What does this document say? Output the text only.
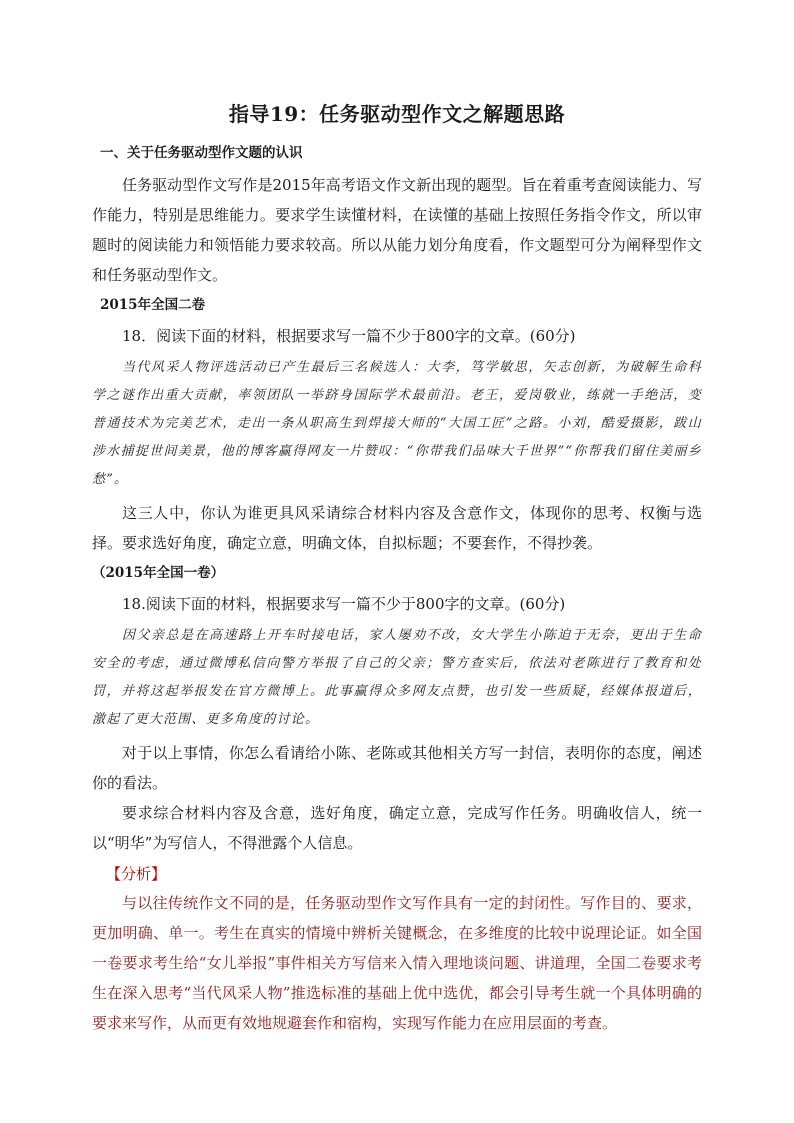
指导19：任务驱动型作文之解题思路
一、关于任务驱动型作文题的认识

任务驱动型作文写作是2015年高考语文作文新出现的题型。旨在着重考查阅读能力、写作能力，特别是思维能力。要求学生读懂材料，在读懂的基础上按照任务指令作文，所以审题时的阅读能力和领悟能力要求较高。所以从能力划分角度看，作文题型可分为阐释型作文和任务驱动型作文。

2015年全国二卷

18．阅读下面的材料，根据要求写一篇不少于800字的文章。(60分)

当代风采人物评选活动已产生最后三名候选人：大李，笃学敏思，矢志创新，为破解生命科学之谜作出重大贡献，率领团队一举跻身国际学术最前沿。老王，爱岗敬业，练就一手绝活，变普通技术为完美艺术，走出一条从职高生到焊接大师的“大国工匠”之路。小刘，酷爱摄影，跋山涉水捕捉世间美景，他的博客赢得网友一片赞叹：“你带我们品味大千世界”“你帮我们留住美丽乡愁”。

这三人中，你认为谁更具风采请综合材料内容及含意作文，体现你的思考、权衡与选择。要求选好角度，确定立意，明确文体，自拟标题；不要套作，不得抄袭。

（2015年全国一卷）

18.阅读下面的材料，根据要求写一篇不少于800字的文章。(60分)

因父亲总是在高速路上开车时接电话，家人屡劝不改，女大学生小陈迫于无奈，更出于生命安全的考虑，通过微博私信向警方举报了自己的父亲；警方查实后，依法对老陈进行了教育和处罚，并将这起举报发在官方微博上。此事赢得众多网友点赞，也引发一些质疑，经媒体报道后，激起了更大范围、更多角度的讨论。

对于以上事情，你怎么看请给小陈、老陈或其他相关方写一封信，表明你的态度，阐述你的看法。

要求综合材料内容及含意，选好角度，确定立意，完成写作任务。明确收信人，统一以“明华”为写信人，不得泄露个人信息。

【分析】

与以往传统作文不同的是，任务驱动型作文写作具有一定的封闭性。写作目的、要求，更加明确、单一。考生在真实的情境中辨析关键概念，在多维度的比较中说理论证。如全国一卷要求考生给“女儿举报”事件相关方写信来入情入理地谈问题、讲道理，全国二卷要求考生在深入思考“当代风采人物”推选标准的基础上优中选优，都会引导考生就一个具体明确的要求来写作，从而更有效地规避套作和宿构，实现写作能力在应用层面的考查。
